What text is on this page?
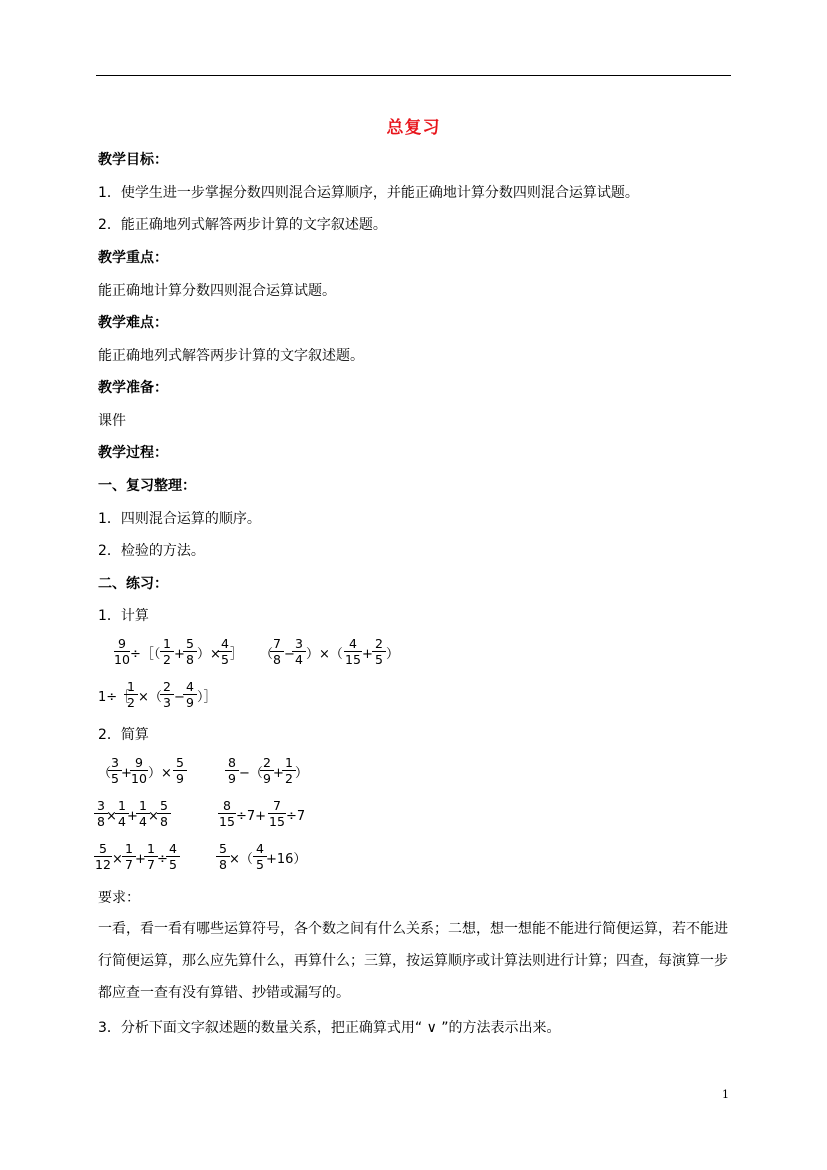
总复习
教学目标：
1．使学生进一步掌握分数四则混合运算顺序，并能正确地计算分数四则混合运算试题。
2．能正确地列式解答两步计算的文字叙述题。
教学重点：
能正确地计算分数四则混合运算试题。
教学难点：
能正确地列式解答两步计算的文字叙述题。
教学准备：
课件
教学过程：
一、复习整理：
1．四则混合运算的顺序。
2．检验的方法。
二、练习：
1．计算
9
10 ÷［（
1
2 +
5
8 ）×
4
5 ］ （
7
8 −
3
4 ）×（
4
15 +
2
5 ）
1÷［
1
2 ×（
2
3 −
4
9 ）］
2．简算
（
3
5 +
9
10 ）×
5
9
8
9 −（
2
9 +
1
2 ）
3
8 ×
1
4 +
1
4 ×
5
8
8
15 ÷7+
7
15 ÷7
5
12 ×
1
7 +
1
7 ÷
4
5
5
8 ×（
4
5 +16）
要求：
一看，看一看有哪些运算符号，各个数之间有什么关系；二想，想一想能不能进行简便运算，若不能进行简便运算，那么应先算什么，再算什么；三算，按运算顺序或计算法则进行计算；四查，每演算一步都应查一查有没有算错、抄错或漏写的。
3．分析下面文字叙述题的数量关系，把正确算式用“ ∨ ”的方法表示出来。
1
